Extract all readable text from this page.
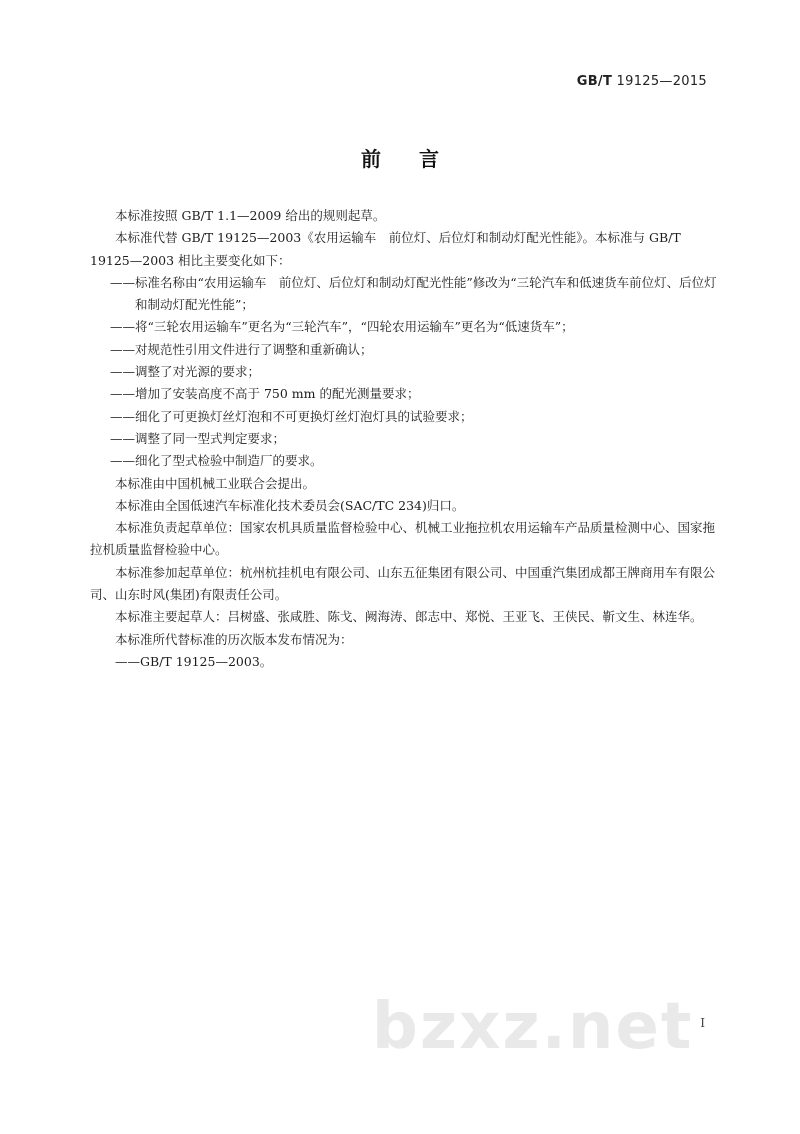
GB/T 19125—2015
前言

本标准按照 GB/T 1.1—2009 给出的规则起草。

本标准代替 GB/T 19125—2003《农用运输车　前位灯、后位灯和制动灯配光性能》。本标准与 GB/T 19125—2003 相比主要变化如下：

——标准名称由“农用运输车　前位灯、后位灯和制动灯配光性能”修改为“三轮汽车和低速货车前位灯、后位灯和制动灯配光性能”；

——将“三轮农用运输车”更名为“三轮汽车”，“四轮农用运输车”更名为“低速货车”；

——对规范性引用文件进行了调整和重新确认；

——调整了对光源的要求；

——增加了安装高度不高于 750 mm 的配光测量要求；

——细化了可更换灯丝灯泡和不可更换灯丝灯泡灯具的试验要求；

——调整了同一型式判定要求；

——细化了型式检验中制造厂的要求。

本标准由中国机械工业联合会提出。

本标准由全国低速汽车标准化技术委员会(SAC/TC 234)归口。

本标准负责起草单位：国家农机具质量监督检验中心、机械工业拖拉机农用运输车产品质量检测中心、国家拖拉机质量监督检验中心。

本标准参加起草单位：杭州杭挂机电有限公司、山东五征集团有限公司、中国重汽集团成都王牌商用车有限公司、山东时风(集团)有限责任公司。

本标准主要起草人：吕树盛、张咸胜、陈戈、阙海涛、郎志中、郑悦、王亚飞、王侠民、靳文生、林连华。

本标准所代替标准的历次版本发布情况为：

——GB/T 19125—2003。

bzxz.net I
